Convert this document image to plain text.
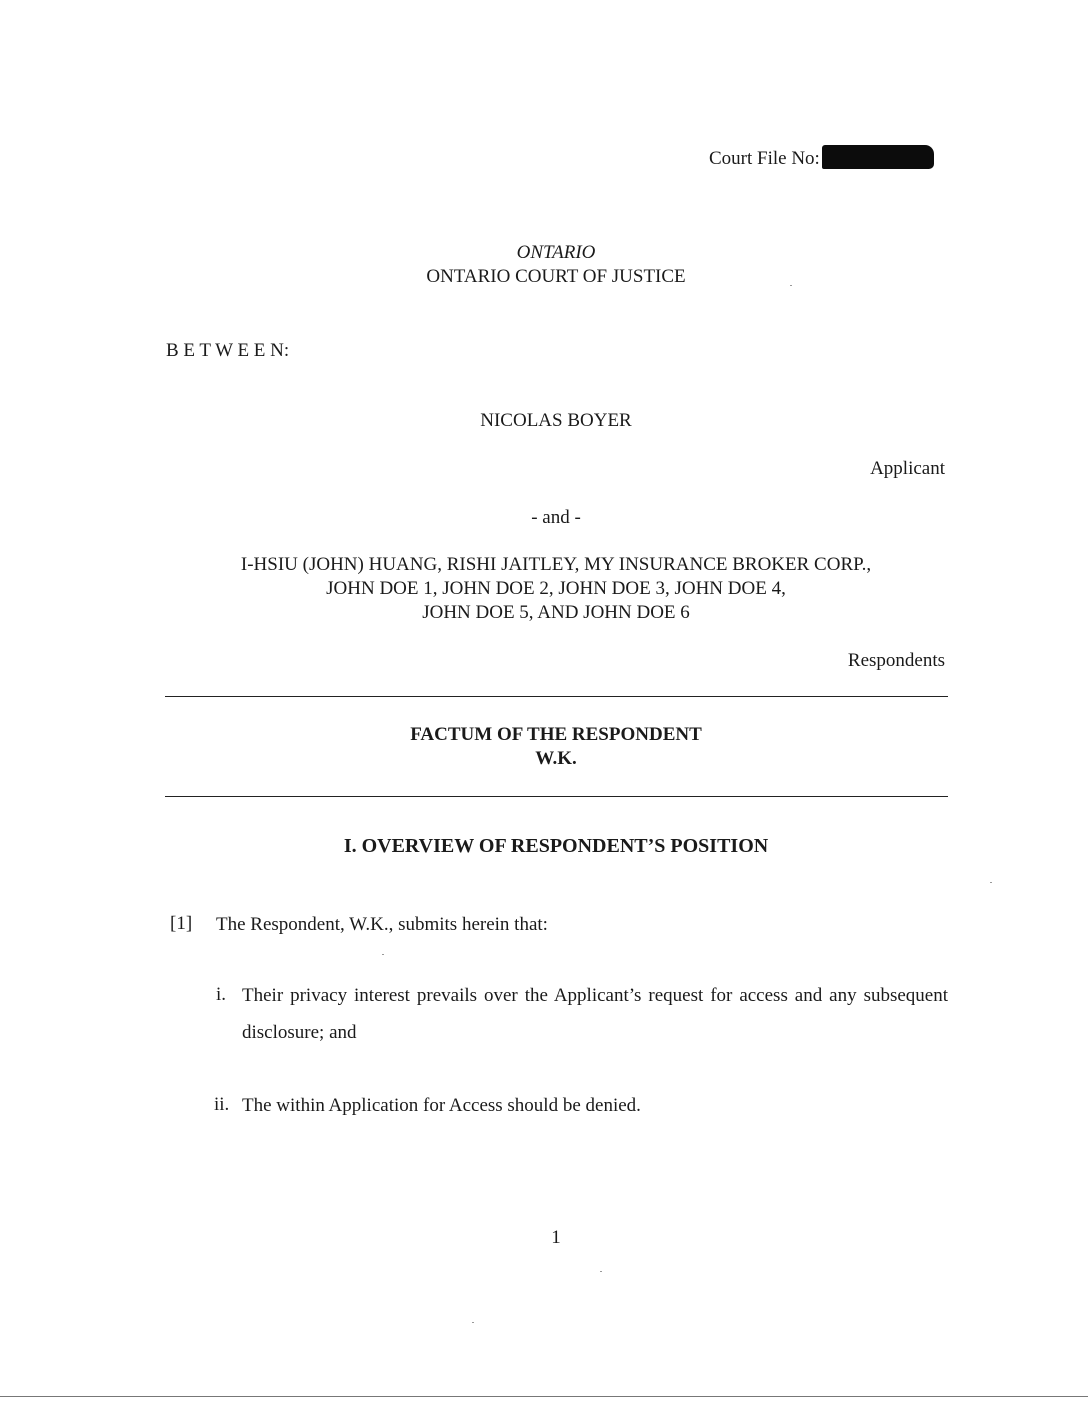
Court File No:
ONTARIO
ONTARIO COURT OF JUSTICE
B E T W E E N:
NICOLAS BOYER
Applicant
- and -
I-HSIU (JOHN) HUANG, RISHI JAITLEY, MY INSURANCE BROKER CORP.,
JOHN DOE 1, JOHN DOE 2, JOHN DOE 3, JOHN DOE 4,
JOHN DOE 5, AND JOHN DOE 6
Respondents
FACTUM OF THE RESPONDENT
W.K.
I. OVERVIEW OF RESPONDENT’S POSITION
[1] The Respondent, W.K., submits herein that:
i. Their privacy interest prevails over the Applicant’s request for access and any subsequent disclosure; and
ii. The within Application for Access should be denied.
1
